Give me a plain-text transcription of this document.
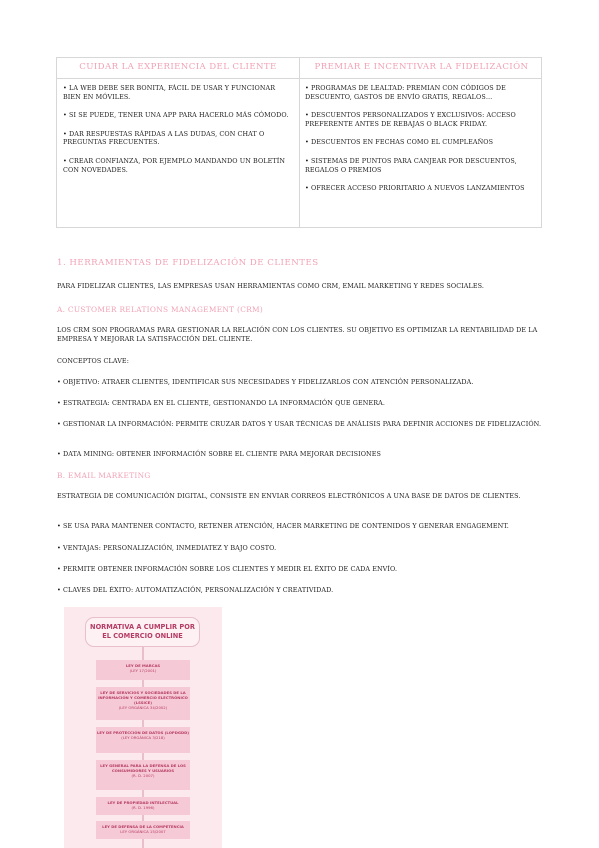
CUIDAR LA EXPERIENCIA DEL CLIENTE	PREMIAR E INCENTIVAR LA FIDELIZACIÓN

• LA WEB DEBE SER BONITA, FÁCIL DE USAR Y FUNCIONAR BIEN EN MÓVILES.

• SI SE PUEDE, TENER UNA APP PARA HACERLO MÁS CÓMODO.

• DAR RESPUESTAS RÁPIDAS A LAS DUDAS, CON CHAT O PREGUNTAS FRECUENTES.

• CREAR CONFIANZA, POR EJEMPLO MANDANDO UN BOLETÍN CON NOVEDADES.

• PROGRAMAS DE LEALTAD: PREMIAN CON CÓDIGOS DE DESCUENTO, GASTOS DE ENVÍO GRATIS, REGALOS…

• DESCUENTOS PERSONALIZADOS Y EXCLUSIVOS: ACCESO PREFERENTE ANTES DE REBAJAS O BLACK FRIDAY.

• DESCUENTOS EN FECHAS COMO EL CUMPLEAÑOS

• SISTEMAS DE PUNTOS PARA CANJEAR POR DESCUENTOS, REGALOS O PREMIOS

• OFRECER ACCESO PRIORITARIO A NUEVOS LANZAMIENTOS

1. HERRAMIENTAS DE FIDELIZACIÓN DE CLIENTES
PARA FIDELIZAR CLIENTES, LAS EMPRESAS USAN HERRAMIENTAS COMO CRM, EMAIL MARKETING Y REDES SOCIALES.
A. CUSTOMER RELATIONS MANAGEMENT (CRM)
LOS CRM SON PROGRAMAS PARA GESTIONAR LA RELACIÓN CON LOS CLIENTES. SU OBJETIVO ES OPTIMIZAR LA RENTABILIDAD DE LA EMPRESA Y MEJORAR LA SATISFACCIÓN DEL CLIENTE.
CONCEPTOS CLAVE:
• OBJETIVO: ATRAER CLIENTES, IDENTIFICAR SUS NECESIDADES Y FIDELIZARLOS CON ATENCIÓN PERSONALIZADA.
• ESTRATEGIA: CENTRADA EN EL CLIENTE, GESTIONANDO LA INFORMACIÓN QUE GENERA.
• GESTIONAR LA INFORMACIÓN: PERMITE CRUZAR DATOS Y USAR TÉCNICAS DE ANÁLISIS PARA DEFINIR ACCIONES DE FIDELIZACIÓN.
• DATA MINING: OBTENER INFORMACIÓN SOBRE EL CLIENTE PARA MEJORAR DECISIONES
B. EMAIL MARKETING
ESTRATEGIA DE COMUNICACIÓN DIGITAL, CONSISTE EN ENVIAR CORREOS ELECTRÓNICOS A UNA BASE DE DATOS DE CLIENTES.
• SE USA PARA MANTENER CONTACTO, RETENER ATENCIÓN, HACER MARKETING DE CONTENIDOS Y GENERAR ENGAGEMENT.
• VENTAJAS: PERSONALIZACIÓN, INMEDIATEZ Y BAJO COSTO.
• PERMITE OBTENER INFORMACIÓN SOBRE LOS CLIENTES Y MEDIR EL ÉXITO DE CADA ENVÍO.
• CLAVES DEL ÉXITO: AUTOMATIZACIÓN, PERSONALIZACIÓN Y CREATIVIDAD.
NORMATIVA A CUMPLIR POR EL COMERCIO ONLINE
LEY DE MARCAS
(LEY 17/2001)
LEY DE SERVICIOS Y SOCIEDADES DE LA INFORMACIÓN Y COMERCIO ELECTRÓNICO (LSSICE)
(LEY ORGÁNICA 34/2002)
LEY DE PROTECCIÓN DE DATOS (LOPDGDD)
(LEY ORGÁNICA 3/218)
LEY GENERAL PARA LA DEFENSA DE LOS CONSUMIDORES Y USUARIOS
(R. D. 2007)
LEY DE PROPIEDAD INTELECTUAL
(R. D. 1996)
LEY DE DEFENSA DE LA COMPETENCIA
LEY ORGÁNICA 15/2007
